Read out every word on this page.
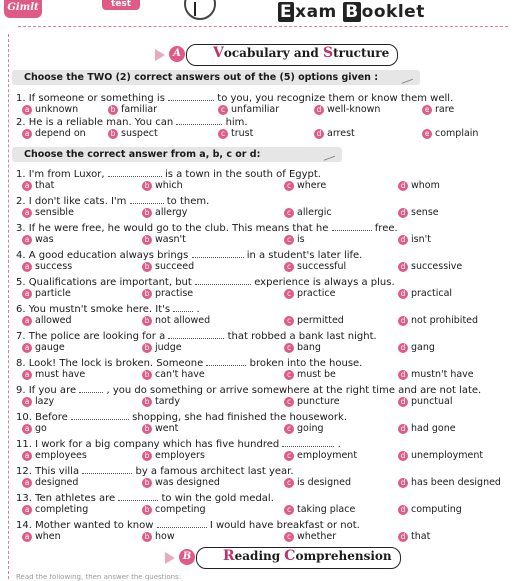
Gimlt	test	E xam B ooklet
A Vocabulary and Structure
Choose the TWO (2) correct answers out of the (5) options given :
1. If someone or something is	to you, you recognize them or know them well.
a unknown	b familiar	c unfamiliar	d well-known	e rare
2. He is a reliable man. You can	him.
a depend on	b suspect	c trust	d arrest	e complain
Choose the correct answer from a, b, c or d:
1. I'm from Luxor,	is a town in the south of Egypt.
a that	b which	c where	d whom
2. I don't like cats. I'm	to them.
a sensible	b allergy	c allergic	d sense
3. If he were free, he would go to the club. This means that he	free.
a was	b wasn't	c is	d isn't
4. A good education always brings	in a student's later life.
a success	b succeed	c successful	d successive
5. Qualifications are important, but	experience is always a plus.
a particle	b practise	c practice	d practical
6. You mustn't smoke here. It's	.
a allowed	b not allowed	c permitted	d not prohibited
7. The police are looking for a	that robbed a bank last night.
a gauge	b judge	c bang	d gang
8. Look! The lock is broken. Someone	broken into the house.
a must have	b can't have	c must be	d mustn't have
9. If you are	, you do something or arrive somewhere at the right time and are not late.
a lazy	b tardy	c puncture	d punctual
10. Before	shopping, she had finished the housework.
a go	b went	c going	d had gone
11. I work for a big company which has five hundred	.
a employees	b employers	c employment	d unemployment
12. This villa	by a famous architect last year.
a designed	b was designed	c is designed	d has been designed
13. Ten athletes are	to win the gold medal.
a completing	b competing	c taking place	d computing
14. Mother wanted to know	I would have breakfast or not.
a when	b how	c whether	d that
B Reading Comprehension
Read the following, then answer the questions:
